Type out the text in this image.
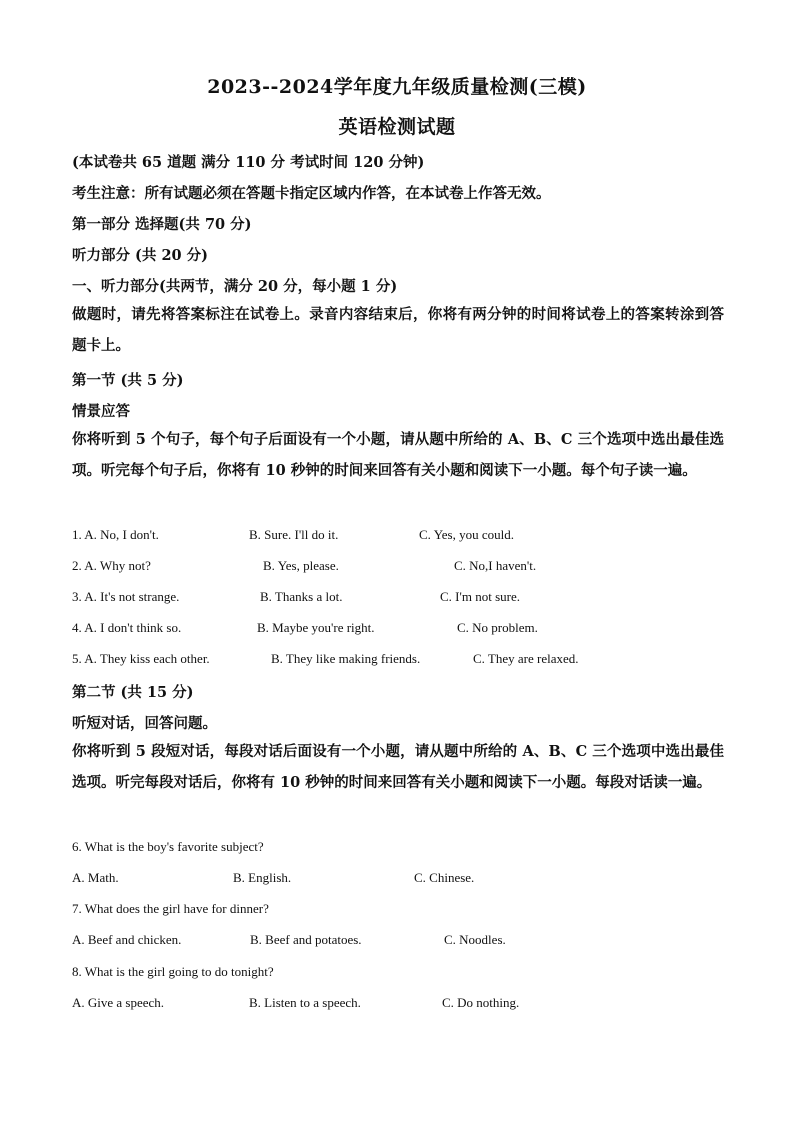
2023--2024学年度九年级质量检测(三模)
英语检测试题
(本试卷共 65 道题 满分 110 分 考试时间 120 分钟)
考生注意：所有试题必须在答题卡指定区域内作答，在本试卷上作答无效。
第一部分 选择题(共 70 分)
听力部分 (共 20 分)
一、听力部分(共两节，满分 20 分，每小题 1 分)
做题时，请先将答案标注在试卷上。录音内容结束后，你将有两分钟的时间将试卷上的答案转涂到答题卡上。
第一节 (共 5 分)
情景应答
你将听到 5 个句子，每个句子后面设有一个小题，请从题中所给的 A、B、C 三个选项中选出最佳选项。听完每个句子后，你将有 10 秒钟的时间来回答有关小题和阅读下一小题。每个句子读一遍。
1. A. No, I don't.	B. Sure. I'll do it.	C. Yes, you could.
2. A. Why not?	B. Yes, please.	C. No,I haven't.
3. A. It's not strange.	B. Thanks a lot.	C. I'm not sure.
4. A. I don't think so.	B. Maybe you're right.	C. No problem.
5. A. They kiss each other.	B. They like making friends.	C. They are relaxed.
第二节 (共 15 分)
听短对话，回答问题。
你将听到 5 段短对话，每段对话后面设有一个小题，请从题中所给的 A、B、C 三个选项中选出最佳选项。听完每段对话后，你将有 10 秒钟的时间来回答有关小题和阅读下一小题。每段对话读一遍。
6. What is the boy's favorite subject?
A. Math.	B. English.	C. Chinese.
7. What does the girl have for dinner?
A. Beef and chicken.	B. Beef and potatoes.	C. Noodles.
8. What is the girl going to do tonight?
A. Give a speech.	B. Listen to a speech.	C. Do nothing.
